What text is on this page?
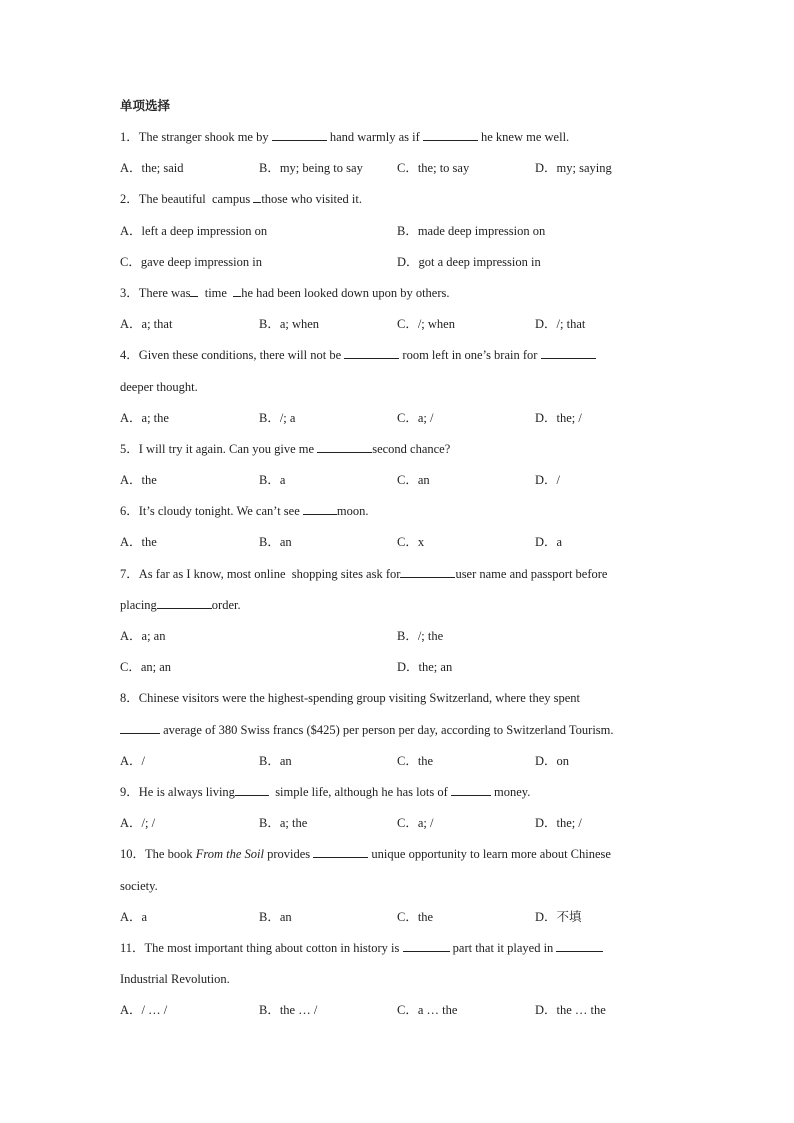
单项选择
1．The stranger shook me by	hand warmly as if	he knew me well.
A．the; said	B．my; being to say	C．the; to say	D．my; saying
2．The beautiful  campus those who visited it.
A．left a deep impression on	B．made deep impression on
C．gave deep impression in	D．got a deep impression in
3．There was  time  he had been looked down upon by others.
A．a; that	B．a; when	C．/; when	D．/; that
4．Given these conditions, there will not be	room left in one’s brain for
deeper thought.
A．a; the	B．/; a	C．a; /	D．the; /
5．I will try it again. Can you give me	second chance?
A．the	B．a	C．an	D．/
6．It’s cloudy tonight. We can’t see	moon.
A．the	B．an	C．x	D．a
7．As far as I know, most online  shopping sites ask for	user name and passport before
placing	order.
A．a; an	B．/; the
C．an; an	D．the; an
8．Chinese visitors were the highest-spending group visiting Switzerland, where they spent
average of 380 Swiss francs ($425) per person per day, according to Switzerland Tourism.
A．/	B．an	C．the	D．on
9．He is always living	simple life, although he has lots of	money.
A．/; /	B．a; the	C．a; /	D．the; /
10．The book From the Soil provides	unique opportunity to learn more about Chinese
society.
A．a	B．an	C．the	D．不填
11．The most important thing about cotton in history is	part that it played in
Industrial Revolution.
A．/ … /	B．the … /	C．a … the	D．the … the
